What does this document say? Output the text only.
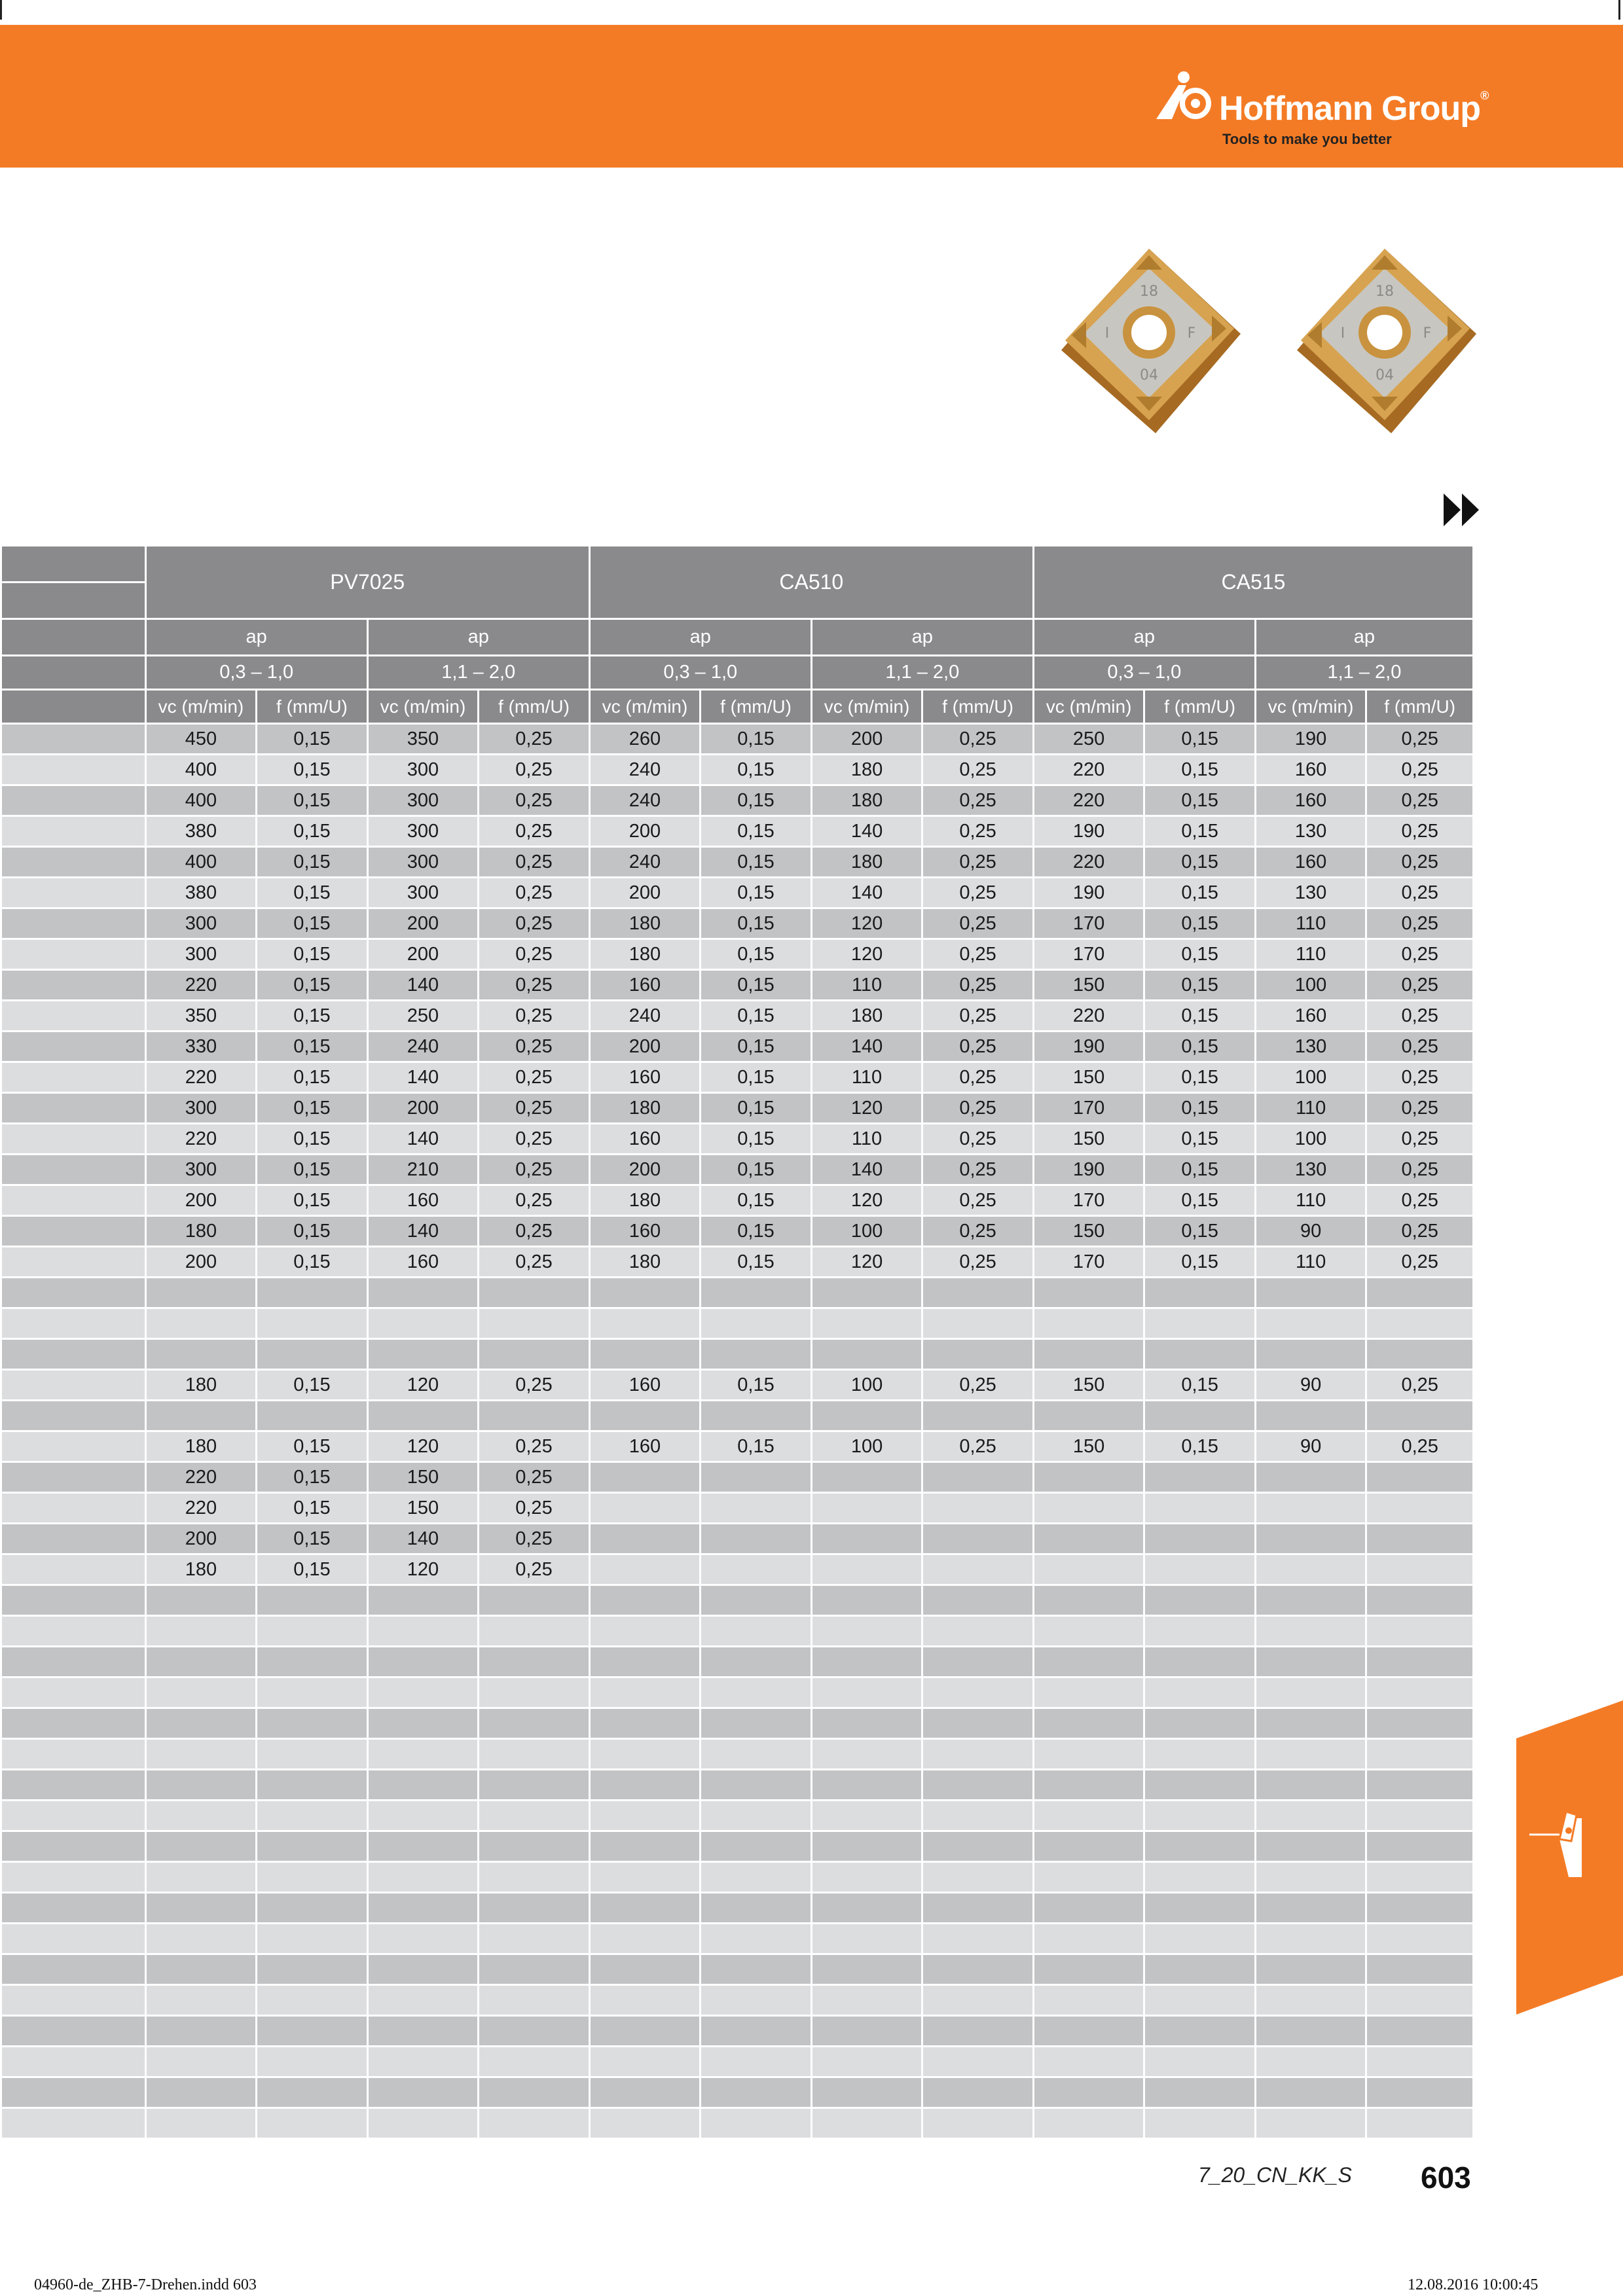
Hoffmann Group®
Tools to make you better
18
I	F
04
18
I	F
04
	PV7025				CA510				CA515			

	ap		ap		ap		ap		ap		ap	
	0,3 – 1,0		1,1 – 2,0		0,3 – 1,0		1,1 – 2,0		0,3 – 1,0		1,1 – 2,0	
	vc (m/min)	f (mm/U)	vc (m/min)	f (mm/U)	vc (m/min)	f (mm/U)	vc (m/min)	f (mm/U)	vc (m/min)	f (mm/U)	vc (m/min)	f (mm/U)
	450	0,15	350	0,25	260	0,15	200	0,25	250	0,15	190	0,25
	400	0,15	300	0,25	240	0,15	180	0,25	220	0,15	160	0,25
	400	0,15	300	0,25	240	0,15	180	0,25	220	0,15	160	0,25
	380	0,15	300	0,25	200	0,15	140	0,25	190	0,15	130	0,25
	400	0,15	300	0,25	240	0,15	180	0,25	220	0,15	160	0,25
	380	0,15	300	0,25	200	0,15	140	0,25	190	0,15	130	0,25
	300	0,15	200	0,25	180	0,15	120	0,25	170	0,15	110	0,25
	300	0,15	200	0,25	180	0,15	120	0,25	170	0,15	110	0,25
	220	0,15	140	0,25	160	0,15	110	0,25	150	0,15	100	0,25
	350	0,15	250	0,25	240	0,15	180	0,25	220	0,15	160	0,25
	330	0,15	240	0,25	200	0,15	140	0,25	190	0,15	130	0,25
	220	0,15	140	0,25	160	0,15	110	0,25	150	0,15	100	0,25
	300	0,15	200	0,25	180	0,15	120	0,25	170	0,15	110	0,25
	220	0,15	140	0,25	160	0,15	110	0,25	150	0,15	100	0,25
	300	0,15	210	0,25	200	0,15	140	0,25	190	0,15	130	0,25
	200	0,15	160	0,25	180	0,15	120	0,25	170	0,15	110	0,25
	180	0,15	140	0,25	160	0,15	100	0,25	150	0,15	90	0,25
	200	0,15	160	0,25	180	0,15	120	0,25	170	0,15	110	0,25

	180	0,15	120	0,25	160	0,15	100	0,25	150	0,15	90	0,25

	180	0,15	120	0,25	160	0,15	100	0,25	150	0,15	90	0,25
	220	0,15	150	0,25								
	220	0,15	150	0,25								
	200	0,15	140	0,25								
	180	0,15	120	0,25								

7_20_CN_KK_S 603
04960-de_ZHB-7-Drehen.indd 603	12.08.2016 10:00:45
